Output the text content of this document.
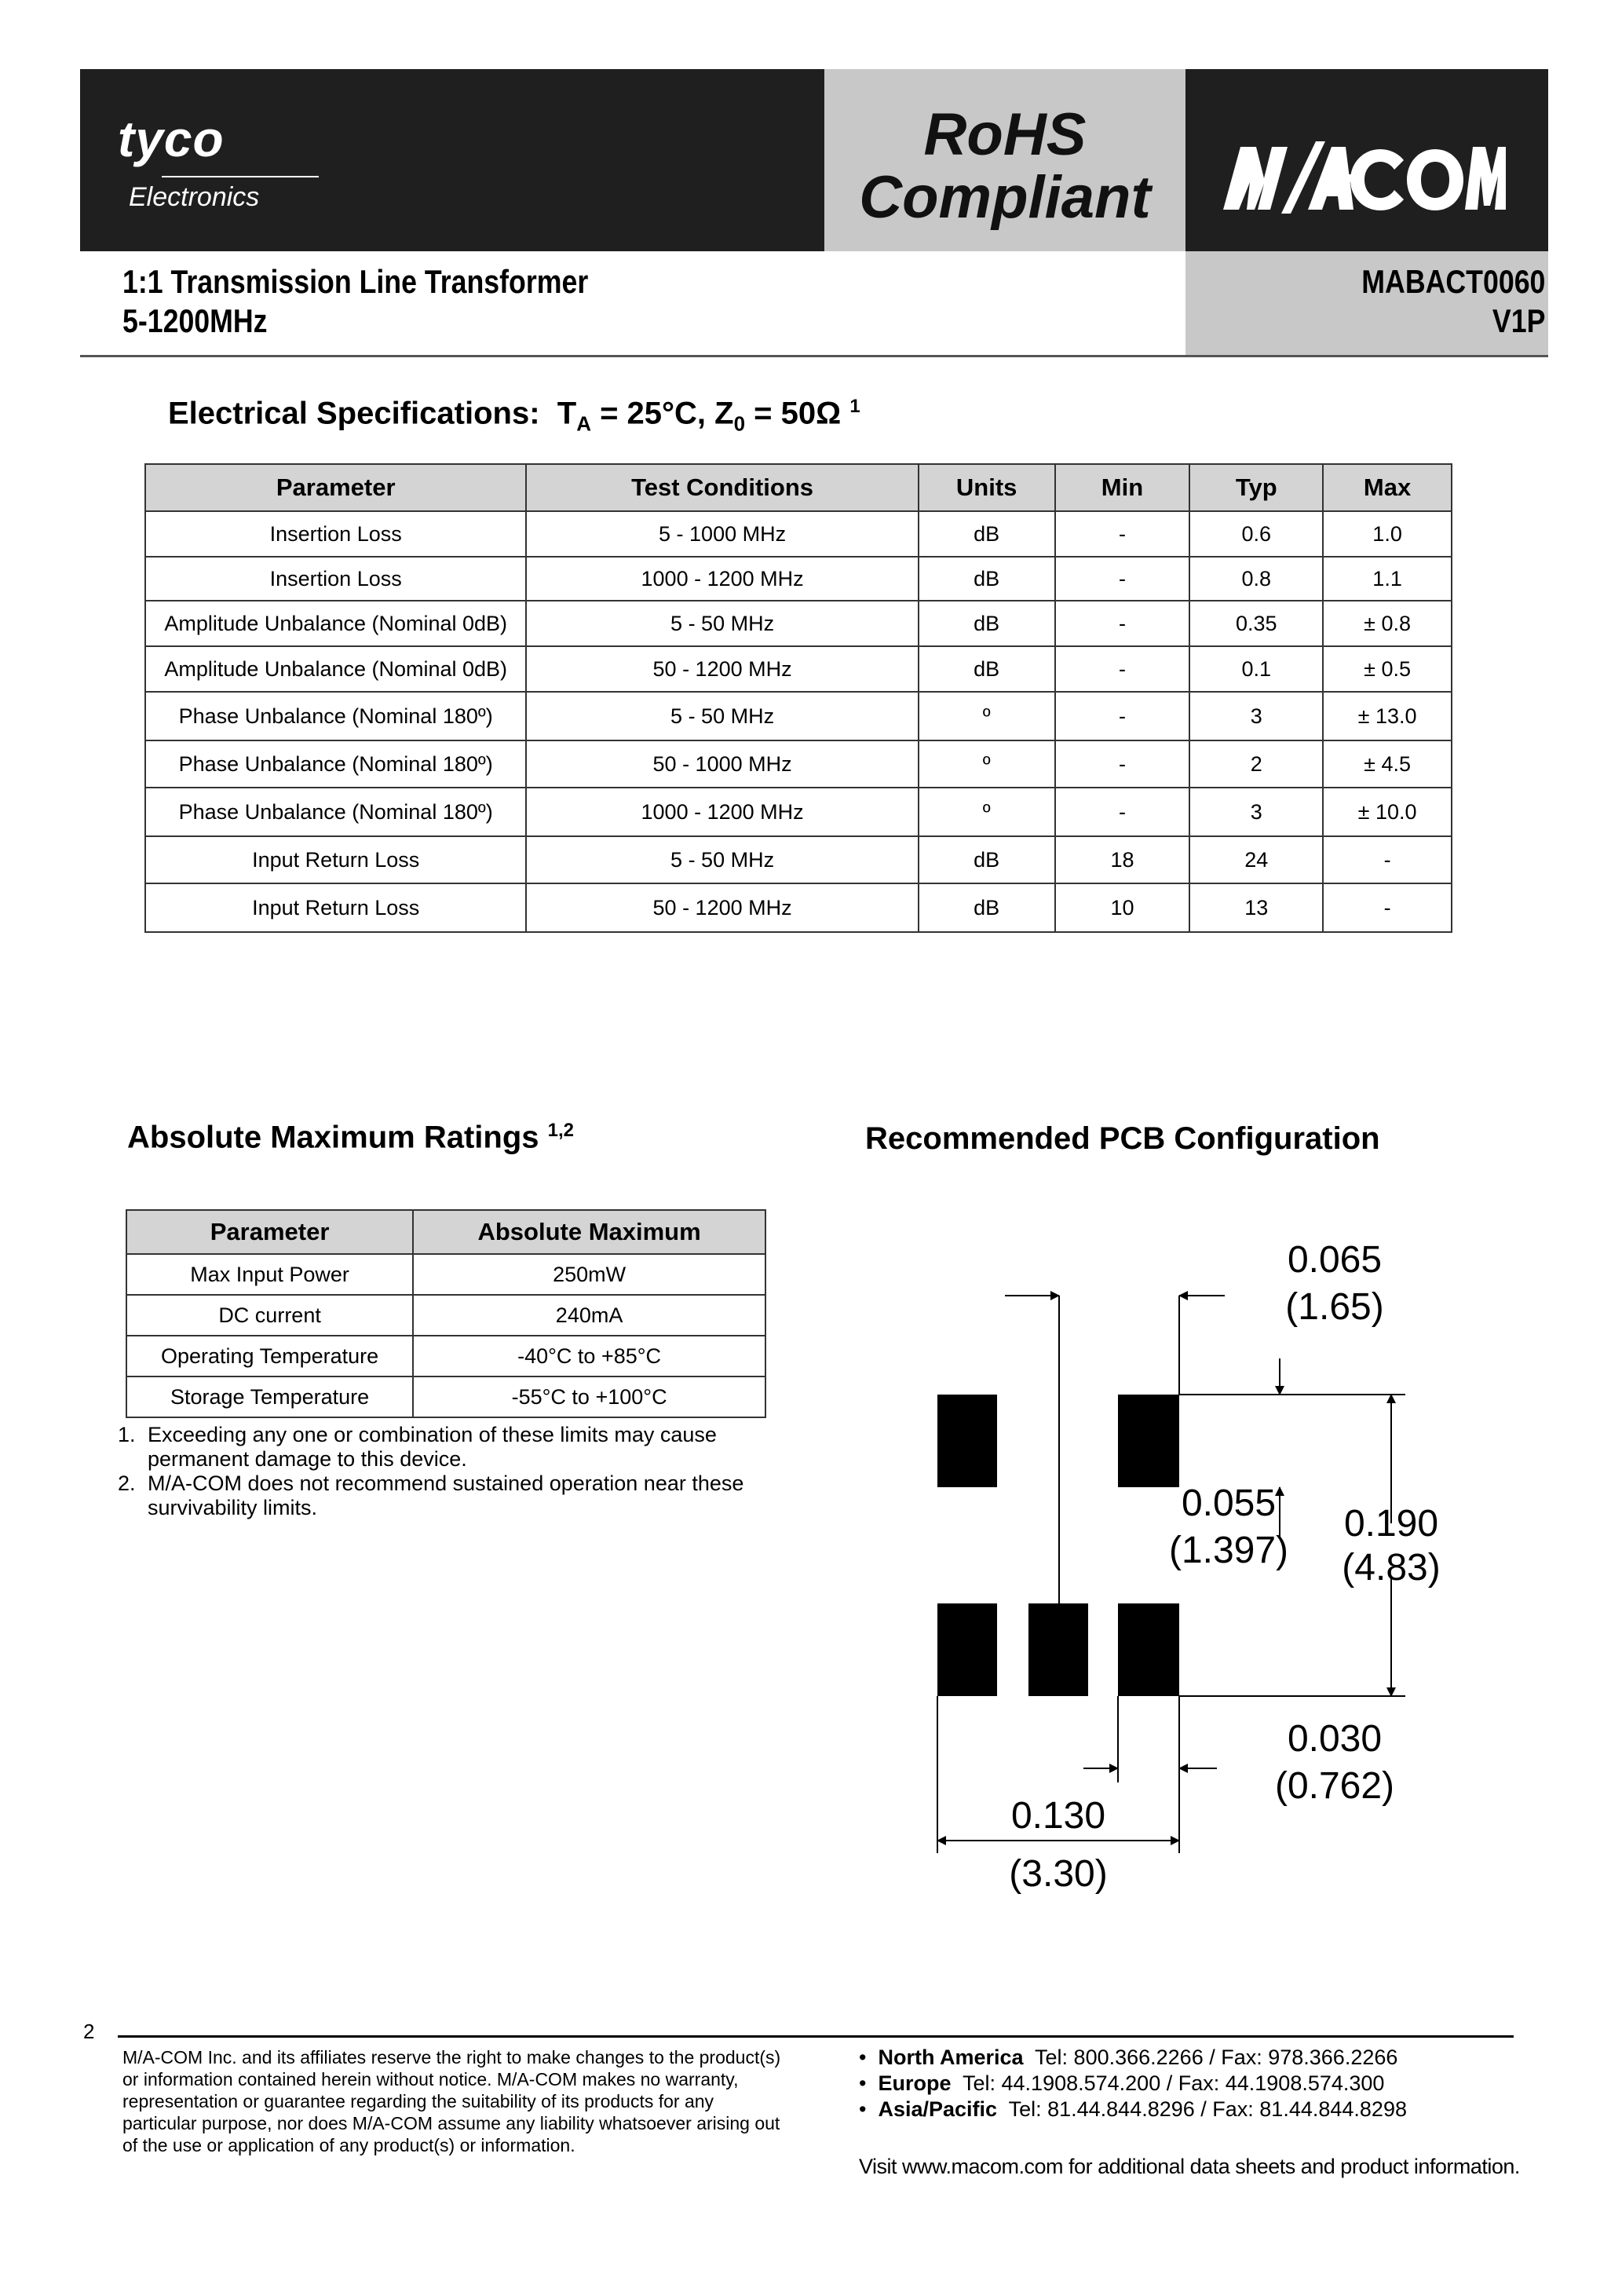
tyco
Electronics
RoHS
Compliant
1:1 Transmission Line Transformer
5-1200MHz
MABACT0060
V1P
Electrical Specifications:  $T_A = 25^\circ C$, $Z_0 = 50\Omega$ $^1$
Parameter	Test Conditions	Units	Min	Typ	Max
Insertion Loss	5 - 1000 MHz	dB	-	0.6	1.0
Insertion Loss	1000 - 1200 MHz	dB	-	0.8	1.1
Amplitude Unbalance (Nominal 0dB)	5 - 50 MHz	dB	-	0.35	± 0.8
Amplitude Unbalance (Nominal 0dB)	50 - 1200 MHz	dB	-	0.1	± 0.5
Phase Unbalance (Nominal 180º)	5 - 50 MHz	º	-	3	± 13.0
Phase Unbalance (Nominal 180º)	50 - 1000 MHz	º	-	2	± 4.5
Phase Unbalance (Nominal 180º)	1000 - 1200 MHz	º	-	3	± 10.0
Input Return Loss	5 - 50 MHz	dB	18	24	-
Input Return Loss	50 - 1200 MHz	dB	10	13	-
Absolute Maximum Ratings $^{1,2}$
Parameter	Absolute Maximum
Max Input Power	250mW
DC current	240mA
Operating Temperature	-40°C to +85°C
Storage Temperature	-55°C to +100°C
1. Exceeding any one or combination of these limits may cause permanent damage to this device.
2. M/A-COM does not recommend sustained operation near these survivability limits.
Recommended PCB Configuration
0.065
(1.65)
0.055
(1.397)
0.190
(4.83)
0.030
(0.762)
0.130
(3.30)
2
M/A-COM Inc. and its affiliates reserve the right to make changes to the product(s) or information contained herein without notice. M/A-COM makes no warranty, representation or guarantee regarding the suitability of its products for any particular purpose, nor does M/A-COM assume any liability whatsoever arising out of the use or application of any product(s) or information.
•  North America Tel: 800.366.2266 / Fax: 978.366.2266
•  Europe Tel: 44.1908.574.200 / Fax: 44.1908.574.300
•  Asia/Pacific Tel: 81.44.844.8296 / Fax: 81.44.844.8298
Visit www.macom.com for additional data sheets and product information.
